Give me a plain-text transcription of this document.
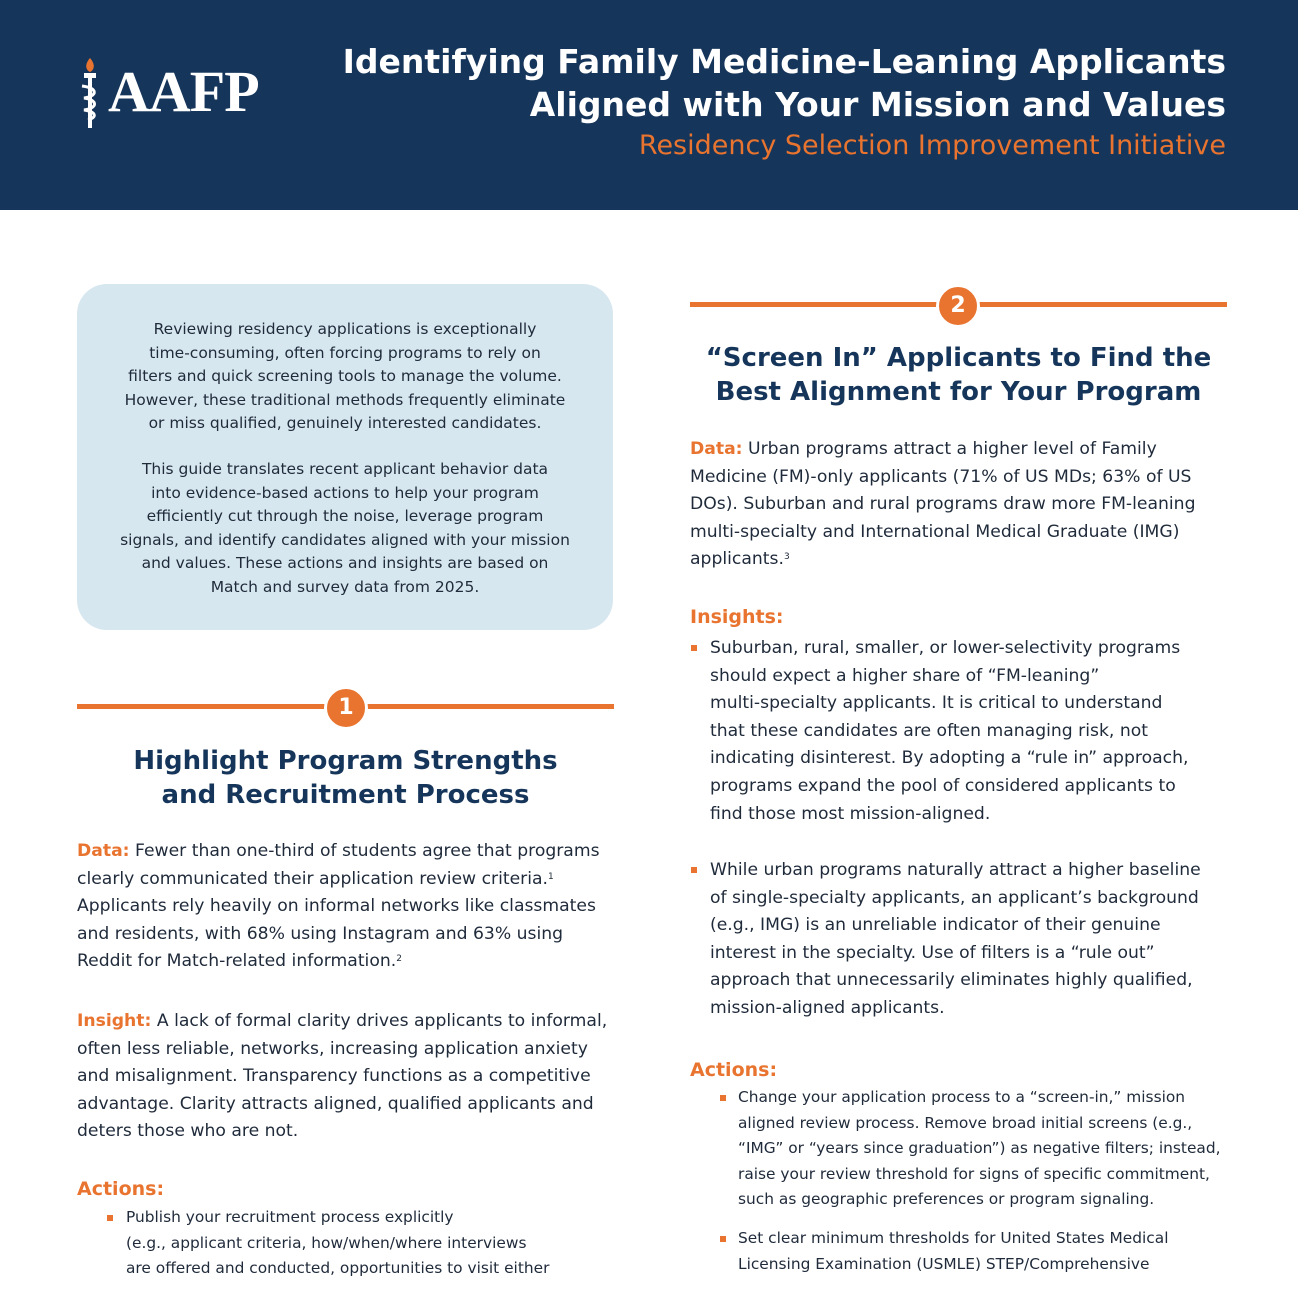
AAFP	Identifying Family Medicine-Leaning Applicants
Aligned with Your Mission and Values
Residency Selection Improvement Initiative
Reviewing residency applications is exceptionally
time-consuming, often forcing programs to rely on
filters and quick screening tools to manage the volume.
However, these traditional methods frequently eliminate
or miss qualified, genuinely interested candidates.
This guide translates recent applicant behavior data
into evidence-based actions to help your program
efficiently cut through the noise, leverage program
signals, and identify candidates aligned with your mission
and values. These actions and insights are based on
Match and survey data from 2025.
1
Highlight Program Strengths
and Recruitment Process
Data: Fewer than one-third of students agree that programs
clearly communicated their application review criteria.$^1$
Applicants rely heavily on informal networks like classmates
and residents, with 68% using Instagram and 63% using
Reddit for Match-related information.$^2$
Insight: A lack of formal clarity drives applicants to informal,
often less reliable, networks, increasing application anxiety
and misalignment. Transparency functions as a competitive
advantage. Clarity attracts aligned, qualified applicants and
deters those who are not.
Actions:
Publish your recruitment process explicitly
(e.g., applicant criteria, how/when/where interviews
are offered and conducted, opportunities to visit either
2
“Screen In” Applicants to Find the
Best Alignment for Your Program
Data: Urban programs attract a higher level of Family
Medicine (FM)-only applicants (71% of US MDs; 63% of US
DOs). Suburban and rural programs draw more FM-leaning
multi-specialty and International Medical Graduate (IMG)
applicants.$^3$
Insights:
Suburban, rural, smaller, or lower-selectivity programs
should expect a higher share of “FM-leaning”
multi-specialty applicants. It is critical to understand
that these candidates are often managing risk, not
indicating disinterest. By adopting a “rule in” approach,
programs expand the pool of considered applicants to
find those most mission-aligned.
While urban programs naturally attract a higher baseline
of single-specialty applicants, an applicant’s background
(e.g., IMG) is an unreliable indicator of their genuine
interest in the specialty. Use of filters is a “rule out”
approach that unnecessarily eliminates highly qualified,
mission-aligned applicants.
Actions:
Change your application process to a “screen-in,” mission
aligned review process. Remove broad initial screens (e.g.,
“IMG” or “years since graduation”) as negative filters; instead,
raise your review threshold for signs of specific commitment,
such as geographic preferences or program signaling.
Set clear minimum thresholds for United States Medical
Licensing Examination (USMLE) STEP/Comprehensive
